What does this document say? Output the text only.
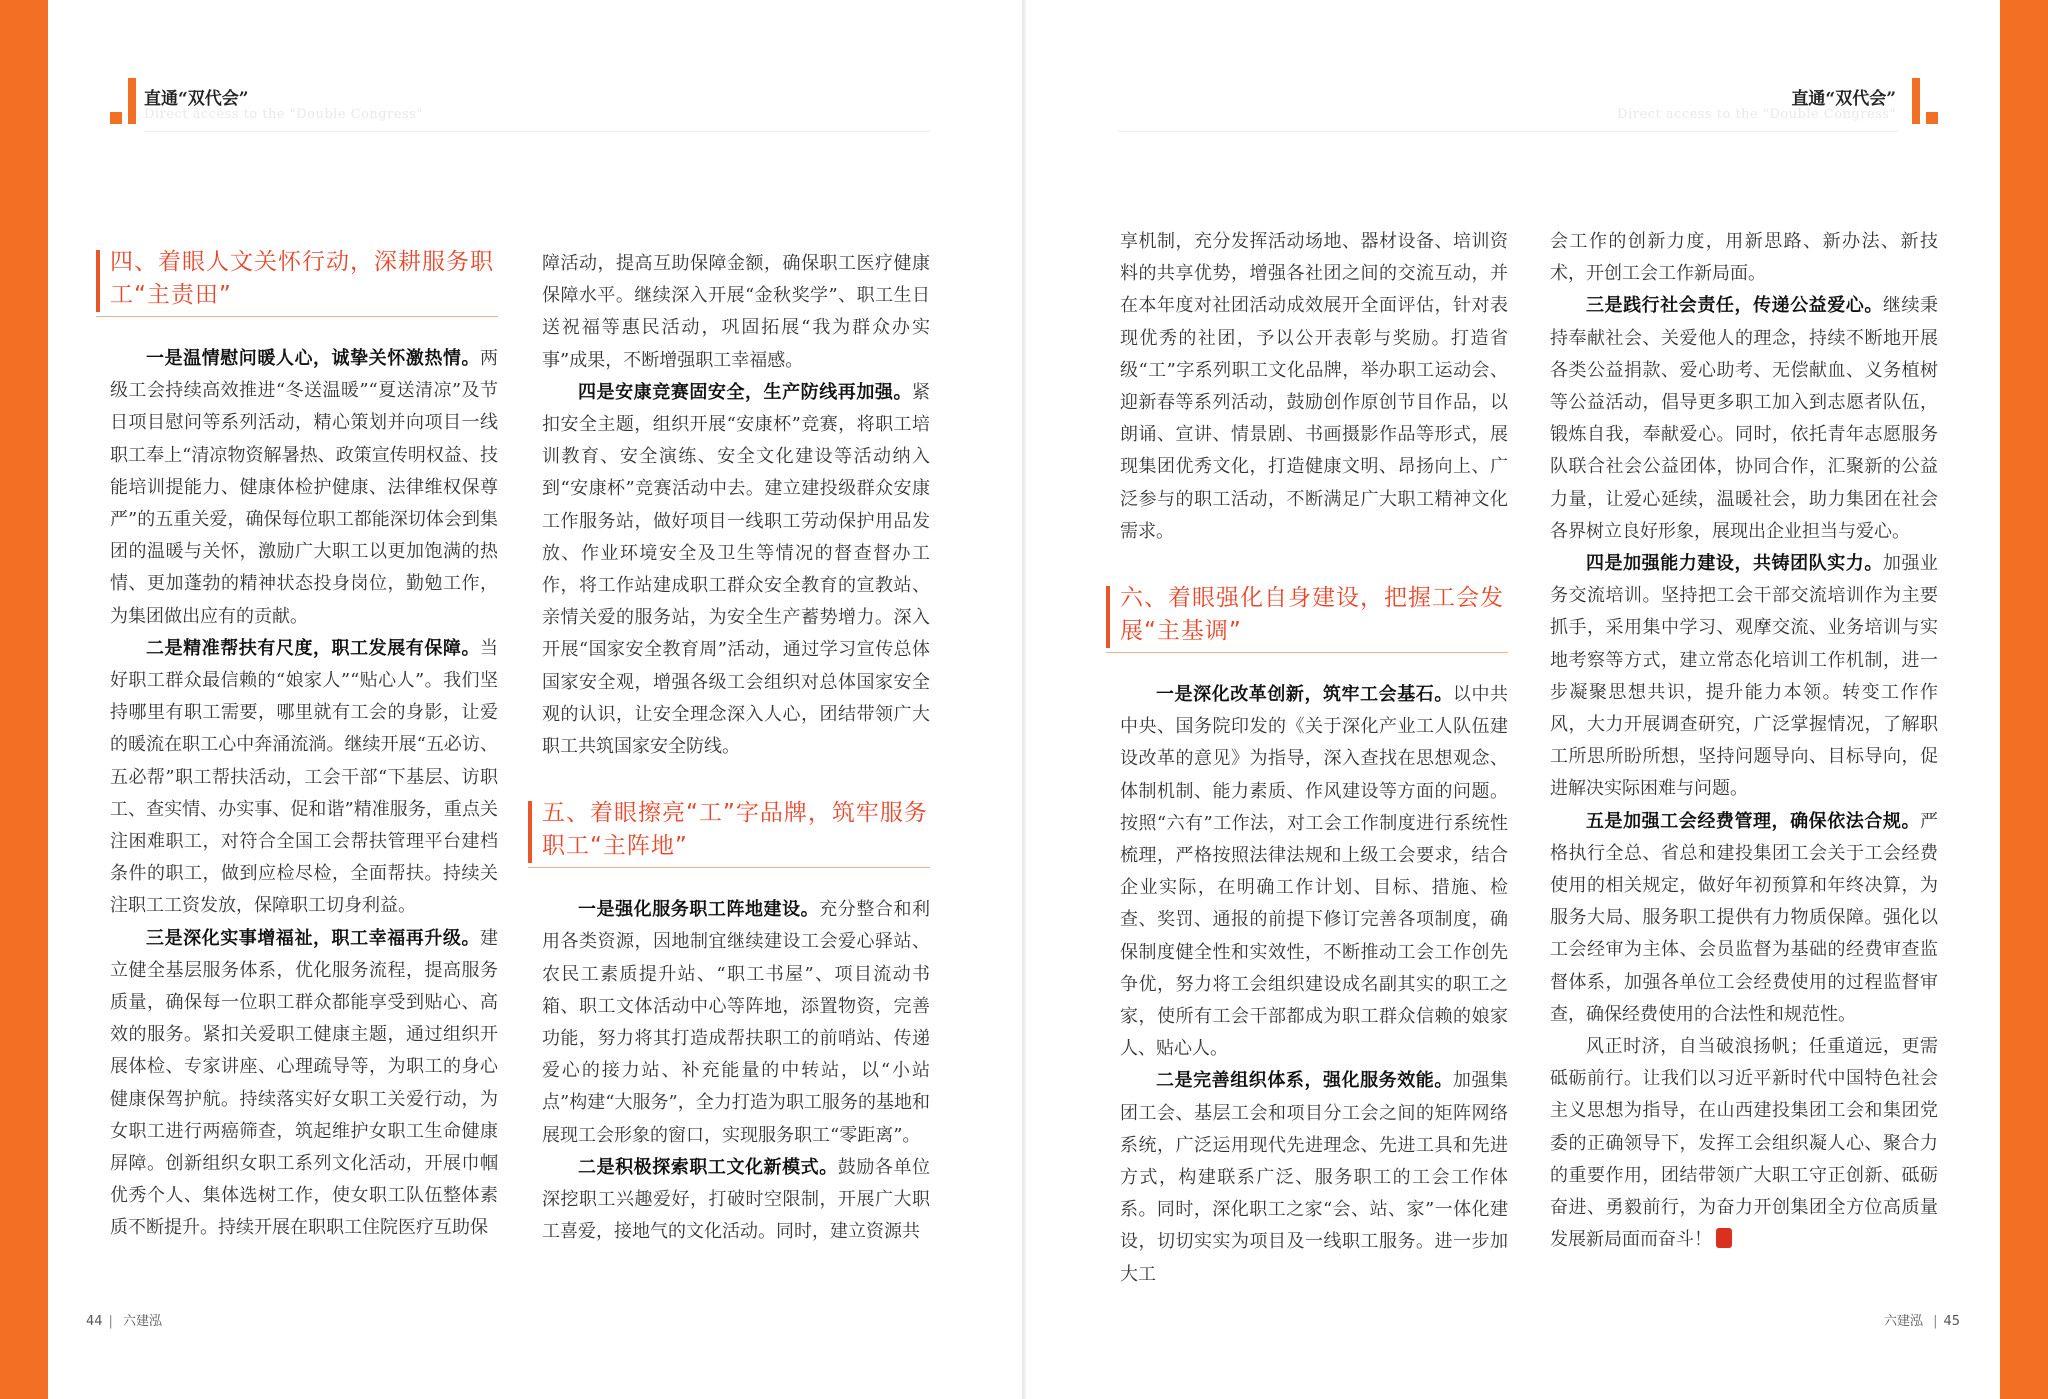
直通“双代会”
Direct access to the "Double Congress"
直通“双代会”
Direct access to the "Double Congress"
四、着眼人文关怀行动，深耕服务职工“主责田”

一是温情慰问暖人心，诚挚关怀激热情。两级工会持续高效推进“冬送温暖”“夏送清凉”及节日项目慰问等系列活动，精心策划并向项目一线职工奉上“清凉物资解暑热、政策宣传明权益、技能培训提能力、健康体检护健康、法律维权保尊严”的五重关爱，确保每位职工都能深切体会到集团的温暖与关怀，激励广大职工以更加饱满的热情、更加蓬勃的精神状态投身岗位，勤勉工作，为集团做出应有的贡献。

二是精准帮扶有尺度，职工发展有保障。当好职工群众最信赖的“娘家人”“贴心人”。我们坚持哪里有职工需要，哪里就有工会的身影，让爱的暖流在职工心中奔涌流淌。继续开展“五必访、五必帮”职工帮扶活动，工会干部“下基层、访职工、查实情、办实事、促和谐”精准服务，重点关注困难职工，对符合全国工会帮扶管理平台建档条件的职工，做到应检尽检，全面帮扶。持续关注职工工资发放，保障职工切身利益。

三是深化实事增福祉，职工幸福再升级。建立健全基层服务体系，优化服务流程，提高服务质量，确保每一位职工群众都能享受到贴心、高效的服务。紧扣关爱职工健康主题，通过组织开展体检、专家讲座、心理疏导等，为职工的身心健康保驾护航。持续落实好女职工关爱行动，为女职工进行两癌筛查，筑起维护女职工生命健康屏障。创新组织女职工系列文化活动，开展巾帼优秀个人、集体选树工作，使女职工队伍整体素质不断提升。持续开展在职职工住院医疗互助保

障活动，提高互助保障金额，确保职工医疗健康保障水平。继续深入开展“金秋奖学”、职工生日送祝福等惠民活动，巩固拓展“我为群众办实事”成果，不断增强职工幸福感。

四是安康竞赛固安全，生产防线再加强。紧扣安全主题，组织开展“安康杯”竞赛，将职工培训教育、安全演练、安全文化建设等活动纳入到“安康杯”竞赛活动中去。建立建投级群众安康工作服务站，做好项目一线职工劳动保护用品发放、作业环境安全及卫生等情况的督查督办工作，将工作站建成职工群众安全教育的宣教站、亲情关爱的服务站，为安全生产蓄势增力。深入开展“国家安全教育周”活动，通过学习宣传总体国家安全观，增强各级工会组织对总体国家安全观的认识，让安全理念深入人心，团结带领广大职工共筑国家安全防线。

五、着眼擦亮“工”字品牌，筑牢服务职工“主阵地”

一是强化服务职工阵地建设。充分整合和利用各类资源，因地制宜继续建设工会爱心驿站、农民工素质提升站、“职工书屋”、项目流动书箱、职工文体活动中心等阵地，添置物资，完善功能，努力将其打造成帮扶职工的前哨站、传递爱心的接力站、补充能量的中转站，以“小站点”构建“大服务”，全力打造为职工服务的基地和展现工会形象的窗口，实现服务职工“零距离”。

二是积极探索职工文化新模式。鼓励各单位深挖职工兴趣爱好，打破时空限制，开展广大职工喜爱，接地气的文化活动。同时，建立资源共

享机制，充分发挥活动场地、器材设备、培训资料的共享优势，增强各社团之间的交流互动，并在本年度对社团活动成效展开全面评估，针对表现优秀的社团，予以公开表彰与奖励。打造省级“工”字系列职工文化品牌，举办职工运动会、迎新春等系列活动，鼓励创作原创节目作品，以朗诵、宣讲、情景剧、书画摄影作品等形式，展现集团优秀文化，打造健康文明、昂扬向上、广泛参与的职工活动，不断满足广大职工精神文化需求。

六、着眼强化自身建设，把握工会发展“主基调”

一是深化改革创新，筑牢工会基石。以中共中央、国务院印发的《关于深化产业工人队伍建设改革的意见》为指导，深入查找在思想观念、体制机制、能力素质、作风建设等方面的问题。按照“六有”工作法，对工会工作制度进行系统性梳理，严格按照法律法规和上级工会要求，结合企业实际，在明确工作计划、目标、措施、检查、奖罚、通报的前提下修订完善各项制度，确保制度健全性和实效性，不断推动工会工作创先争优，努力将工会组织建设成名副其实的职工之家，使所有工会干部都成为职工群众信赖的娘家人、贴心人。

二是完善组织体系，强化服务效能。加强集团工会、基层工会和项目分工会之间的矩阵网络系统，广泛运用现代先进理念、先进工具和先进方式，构建联系广泛、服务职工的工会工作体系。同时，深化职工之家“会、站、家”一体化建设，切切实实为项目及一线职工服务。进一步加大工

会工作的创新力度，用新思路、新办法、新技术，开创工会工作新局面。

三是践行社会责任，传递公益爱心。继续秉持奉献社会、关爱他人的理念，持续不断地开展各类公益捐款、爱心助考、无偿献血、义务植树等公益活动，倡导更多职工加入到志愿者队伍，锻炼自我，奉献爱心。同时，依托青年志愿服务队联合社会公益团体，协同合作，汇聚新的公益力量，让爱心延续，温暖社会，助力集团在社会各界树立良好形象，展现出企业担当与爱心。

四是加强能力建设，共铸团队实力。加强业务交流培训。坚持把工会干部交流培训作为主要抓手，采用集中学习、观摩交流、业务培训与实地考察等方式，建立常态化培训工作机制，进一步凝聚思想共识，提升能力本领。转变工作作风，大力开展调查研究，广泛掌握情况，了解职工所思所盼所想，坚持问题导向、目标导向，促进解决实际困难与问题。

五是加强工会经费管理，确保依法合规。严格执行全总、省总和建投集团工会关于工会经费使用的相关规定，做好年初预算和年终决算，为服务大局、服务职工提供有力物质保障。强化以工会经审为主体、会员监督为基础的经费审查监督体系，加强各单位工会经费使用的过程监督审查，确保经费使用的合法性和规范性。

风正时济，自当破浪扬帆；任重道远，更需砥砺前行。让我们以习近平新时代中国特色社会主义思想为指导，在山西建投集团工会和集团党委的正确领导下，发挥工会组织凝人心、聚合力的重要作用，团结带领广大职工守正创新、砥砺奋进、勇毅前行，为奋力开创集团全方位高质量发展新局面而奋斗！

44 | 六建泓	六建泓 | 45
